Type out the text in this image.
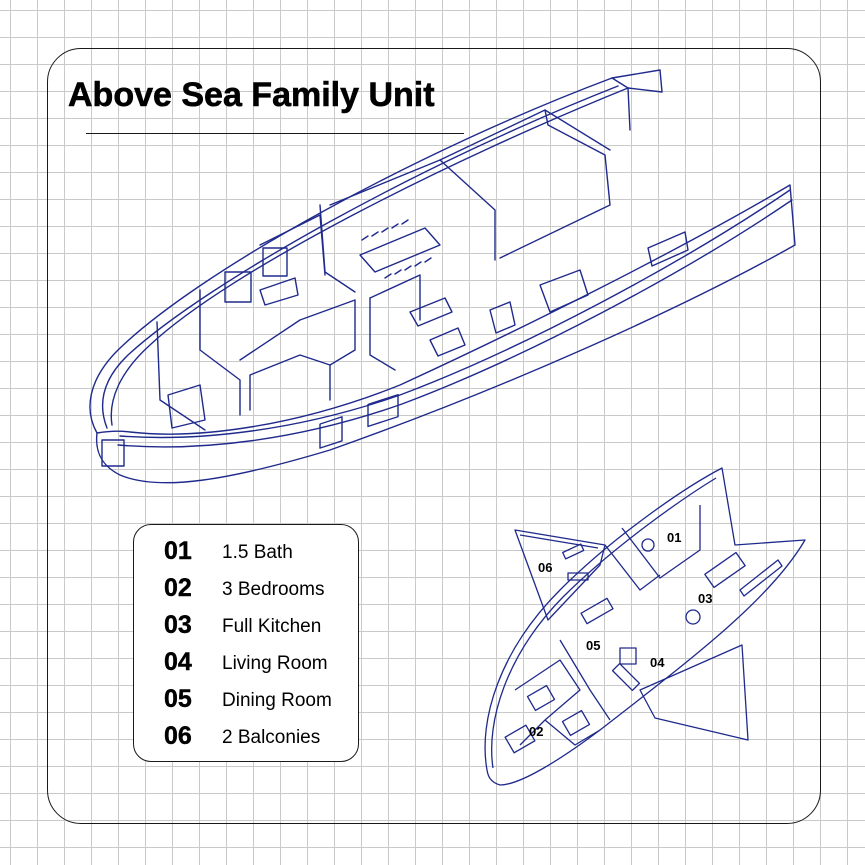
Above Sea Family Unit
01 1.5 Bath
02 3 Bedrooms
03 Full Kitchen
04 Living Room
05 Dining Room
06 2 Balconies
01
02
03
04
05
06
